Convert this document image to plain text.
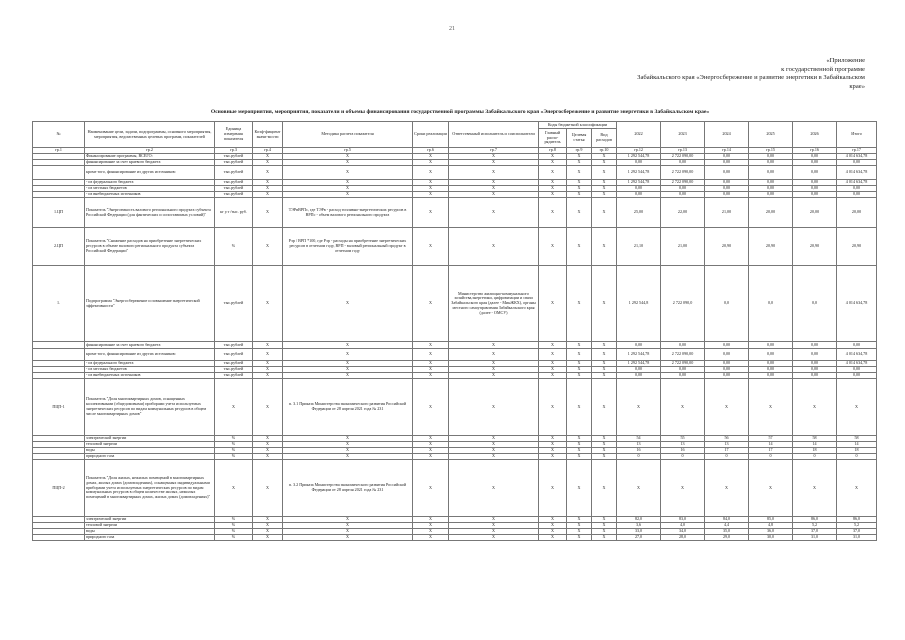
21
«Приложение
к государственной программе
Забайкальского края «Энергосбережение и развитие энергетики в Забайкальском
крае»
Основные мероприятия, мероприятия, показатели и объемы финансирования государственной программы Забайкальского края «Энергосбережение и развитие энергетики в Забайкальском крае»
№	Наименование цели, задачи, подпрограммы, основного мероприятия, мероприятия, ведомственных целевых программ, показателей	Единица измерения показателя	Коэф-фициент значи-мости	Методика расчета показателя	Сроки реализации	Ответственный исполнитель и соисполнители	Коды бюджетной классификации			2022	2023	2024	2025	2026	Итого
							Главный распо-рядитель	Целевая статья	Вид расходов						
гр.1	гр.2	гр.3	гр.4	гр.5	гр.6	гр.7	гр.8	гр.9	гр.10	гр.12	гр.13	гр.14	гр.15	гр.16	гр.17
	Финансирование программы, ВСЕГО:	тыс.рублей	Х	Х	Х	Х	Х	Х	Х	1 292 544,78	2 722 090,00	0,00	0,00	0,00	4 014 634,78
	финансирование за счет краевого бюджета	тыс.рублей	Х	Х	Х	Х	Х	Х	Х	0,00	0,00	0,00	0,00	0,00	0,00
	кроме того, финансирование из других источников:	тыс.рублей	Х	Х	Х	Х	Х	Х	Х	1 292 544,78	2 722 090,00	0,00	0,00	0,00	4 014 634,78
	- из федерального бюджета	тыс.рублей	Х	Х	Х	Х	Х	Х	Х	1 292 544,78	2 722 090,00	0,00	0,00	0,00	4 014 634,78
	- из местных бюджетов	тыс.рублей	Х	Х	Х	Х	Х	Х	Х	0,00	0,00	0,00	0,00	0,00	0,00
	- из внебюджетных источников	тыс.рублей	Х	Х	Х	Х	Х	Х	Х	0,00	0,00	0,00	0,00	0,00	0,00
1.ЦП	Показатель "Энергоемкость валового регионального продукта субъекта Российской Федерации (для фактических и сопоставимых условий)"	кг у.т /тыс. руб.	Х	ТЭРвВРПс, где ТЭРв - расход топливно-энергетических ресурсов в ВРПс - объем валового регионального продукта	Х	Х	Х	Х	Х	25,00	22,00	21,00	20,00	20,00	20,00
2.ЦП	Показатель "Снижение расходов на приобретение энергетических ресурсов в объеме валового регионального продукта субъекта Российской Федерации"	%	Х	Рэр / ВРП *100, где Рэр - расходы на приобретение энергетических ресурсов в отчетном году, ВРП - валовый региональный продукт в отчетном году	Х	Х	Х	Х	Х	21,10	21,00	20,90	20,90	20,90	20,90
1.	Подпрограмма "Энергосбережение и повышение энергетической эффективности"	тыс.рублей	Х	Х	Х	Министерство жилищно-коммунального хозяйства,энергетики, цифровизации и связи Забайкальского края (далее - МинЖКХ), органы местного самоуправления Забайкальского края (далее - ОМСУ)	Х	Х	Х	1 292 544,8	2 722 090,0	0,0	0,0	0,0	4 014 634,78
	финансирование за счет краевого бюджета	тыс.рублей	Х	Х	Х	Х	Х	Х	Х	0,00	0,00	0,00	0,00	0,00	0,00
	кроме того, финансирование из других источников:	тыс.рублей	Х	Х	Х	Х	Х	Х	Х	1 292 544,78	2 722 090,00	0,00	0,00	0,00	4 014 634,78
	- из федерального бюджета	тыс.рублей	Х	Х	Х	Х	Х	Х	Х	1 292 544,78	2 722 090,00	0,00	0,00	0,00	4 014 634,78
	- из местных бюджетов	тыс.рублей	Х	Х	Х	Х	Х	Х	Х	0,00	0,00	0,00	0,00	0,00	0,00
	- из внебюджетных источников	тыс.рублей	Х	Х	Х	Х	Х	Х	Х	0,00	0,00	0,00	0,00	0,00	0,00
ПЦП-1	Показатель "Доля многоквартирных домов, оснащенных коллективными (общедомовыми) приборами учета используемых энергетических ресурсов по видам коммунальных ресурсов в общем числе многоквартирных домов"	Х	Х	п. 3.1 Приказа Министерства экономического развития Российской Федерации от 28 апреля 2021 года № 231	Х	Х	Х	Х	Х	Х	Х	Х	Х	Х	Х
	электрической энергии	%	Х	Х	Х	Х	Х	Х	Х	54	55	56	57	58	58
	тепловой энергии	%	Х	Х	Х	Х	Х	Х	Х	13	13	13	14	14	14
	воды	%	Х	Х	Х	Х	Х	Х	Х	16	16	17	17	18	18
	природного газа	%	Х	Х	Х	Х	Х	Х	Х	0	0	0	0	0	0
ПЦП-2	Показатель "Доля жилых, нежилых помещений в многоквартирных домах, жилых домах (домовладениях), оснащенных индивидуальными приборами учета используемых энергетических ресурсов по видам коммунальных ресурсов в общем количестве жилых, нежилых помещений в многоквартирных домах, жилых домах (домовладениях)"	Х	Х	п. 3.2 Приказа Министерства экономического развития Российской Федерации от 28 апреля 2021 года № 231	Х	Х	Х	Х	Х	Х	Х	Х	Х	Х	Х
	электрической энергии	%	Х	Х	Х	Х	Х	Х	Х	82,0	83,0	84,0	85,0	86,0	86,0
	тепловой энергии	%	Х	Х	Х	Х	Х	Х	Х	3,6	4,0	4,4	4,8	5,2	5,2
	воды	%	Х	Х	Х	Х	Х	Х	Х	33,0	34,0	35,0	36,0	37,0	37,0
	природного газа	%	Х	Х	Х	Х	Х	Х	Х	27,0	28,0	29,0	30,0	31,0	31,0
